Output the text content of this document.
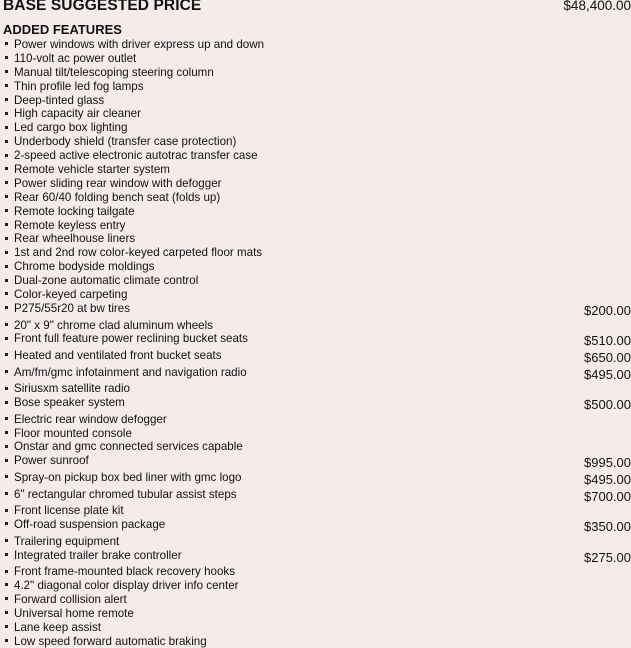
BASE SUGGESTED PRICE	$48,400.00
ADDED FEATURES
Power windows with driver express up and down
110-volt ac power outlet
Manual tilt/telescoping steering column
Thin profile led fog lamps
Deep-tinted glass
High capacity air cleaner
Led cargo box lighting
Underbody shield (transfer case protection)
2-speed active electronic autotrac transfer case
Remote vehicle starter system
Power sliding rear window with defogger
Rear 60/40 folding bench seat (folds up)
Remote locking tailgate
Remote keyless entry
Rear wheelhouse liners
1st and 2nd row color-keyed carpeted floor mats
Chrome bodyside moldings
Dual-zone automatic climate control
Color-keyed carpeting
P275/55r20 at bw tires	$200.00
20" x 9" chrome clad aluminum wheels
Front full feature power reclining bucket seats	$510.00
Heated and ventilated front bucket seats	$650.00
Am/fm/gmc infotainment and navigation radio	$495.00
Siriusxm satellite radio
Bose speaker system	$500.00
Electric rear window defogger
Floor mounted console
Onstar and gmc connected services capable
Power sunroof	$995.00
Spray-on pickup box bed liner with gmc logo	$495.00
6" rectangular chromed tubular assist steps	$700.00
Front license plate kit
Off-road suspension package	$350.00
Trailering equipment
Integrated trailer brake controller	$275.00
Front frame-mounted black recovery hooks
4.2" diagonal color display driver info center
Forward collision alert
Universal home remote
Lane keep assist
Low speed forward automatic braking
